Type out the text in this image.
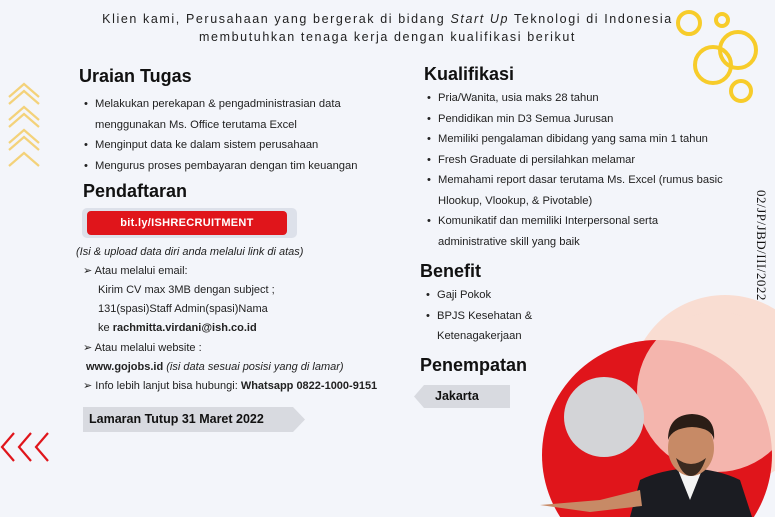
Klien kami, Perusahaan yang bergerak di bidang Start Up Teknologi di Indonesia
membutuhkan tenaga kerja dengan kualifikasi berikut
Uraian Tugas
• Melakukan perekapan & pengadministrasian data menggunakan Ms. Office terutama Excel
• Menginput data ke dalam sistem perusahaan
• Mengurus proses pembayaran dengan tim keuangan
Pendaftaran
bit.ly/ISHRECRUITMENT
(Isi & upload data diri anda melalui link di atas)
➢ Atau melalui email:
Kirim CV max 3MB dengan subject ;
131(spasi)Staff Admin(spasi)Nama
ke rachmitta.virdani@ish.co.id
➢ Atau melalui website :
www.gojobs.id (isi data sesuai posisi yang di lamar)
➢ Info lebih lanjut bisa hubungi: Whatsapp 0822-1000-9151
Lamaran Tutup 31 Maret 2022
Kualifikasi
• Pria/Wanita, usia maks 28 tahun
• Pendidikan min D3 Semua Jurusan
• Memiliki pengalaman dibidang yang sama min 1 tahun
• Fresh Graduate di persilahkan melamar
• Memahami report dasar terutama Ms. Excel (rumus basic Hlookup, Vlookup, & Pivotable)
• Komunikatif dan memiliki Interpersonal serta administrative skill yang baik
Benefit
• Gaji Pokok
• BPJS Kesehatan & Ketenagakerjaan
Penempatan
Jakarta
02/JP/JBD/III/2022
